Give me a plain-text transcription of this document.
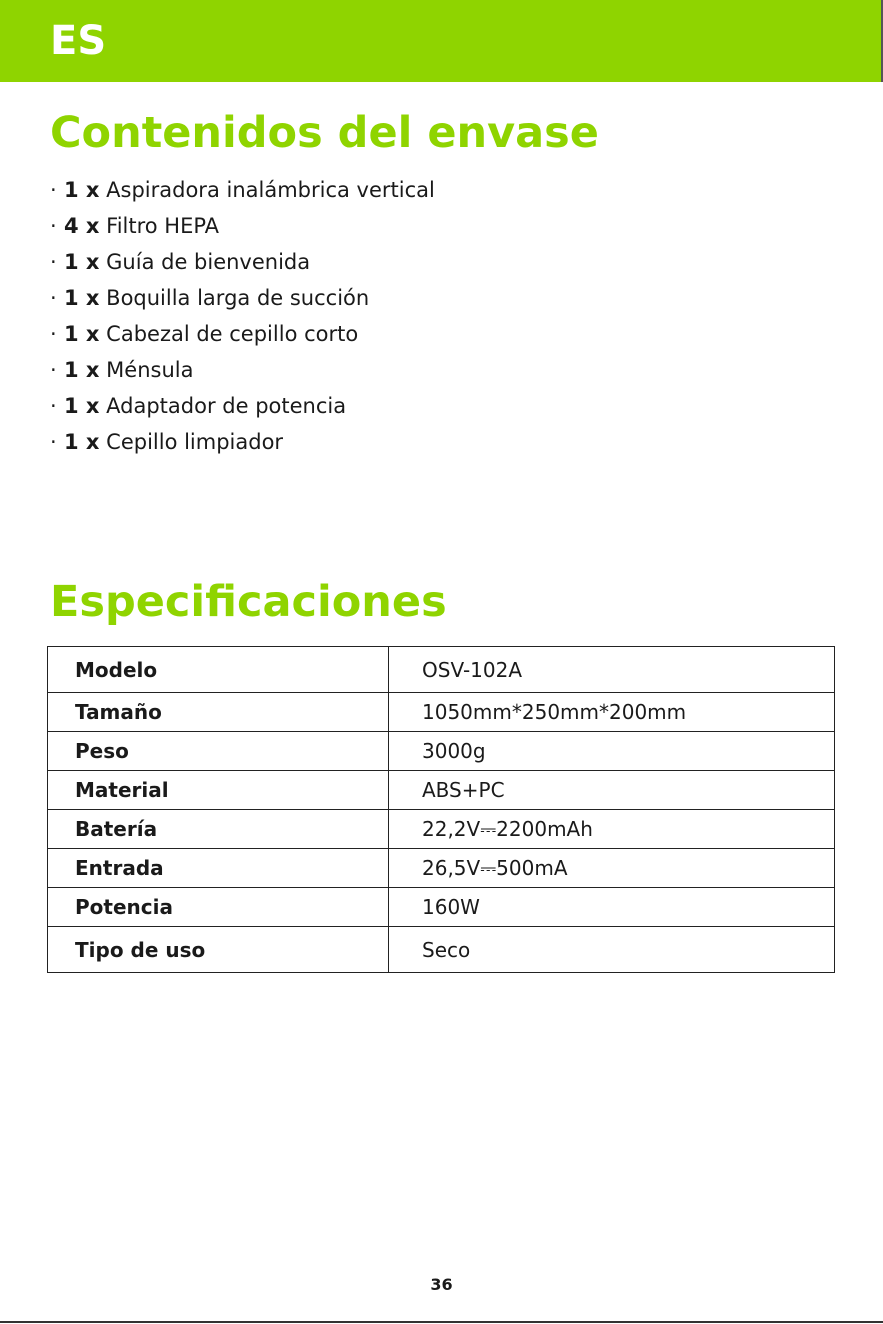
ES
Contenidos del envase
· 1 x Aspiradora inalámbrica vertical
· 4 x Filtro HEPA
· 1 x Guía de bienvenida
· 1 x Boquilla larga de succión
· 1 x Cabezal de cepillo corto
· 1 x Ménsula
· 1 x Adaptador de potencia
· 1 x Cepillo limpiador
Especificaciones
Modelo	OSV-102A
Tamaño	1050mm*250mm*200mm
Peso	3000g
Material	ABS+PC
Batería	22,2V⎓2200mAh
Entrada	26,5V⎓500mA
Potencia	160W
Tipo de uso	Seco
36
